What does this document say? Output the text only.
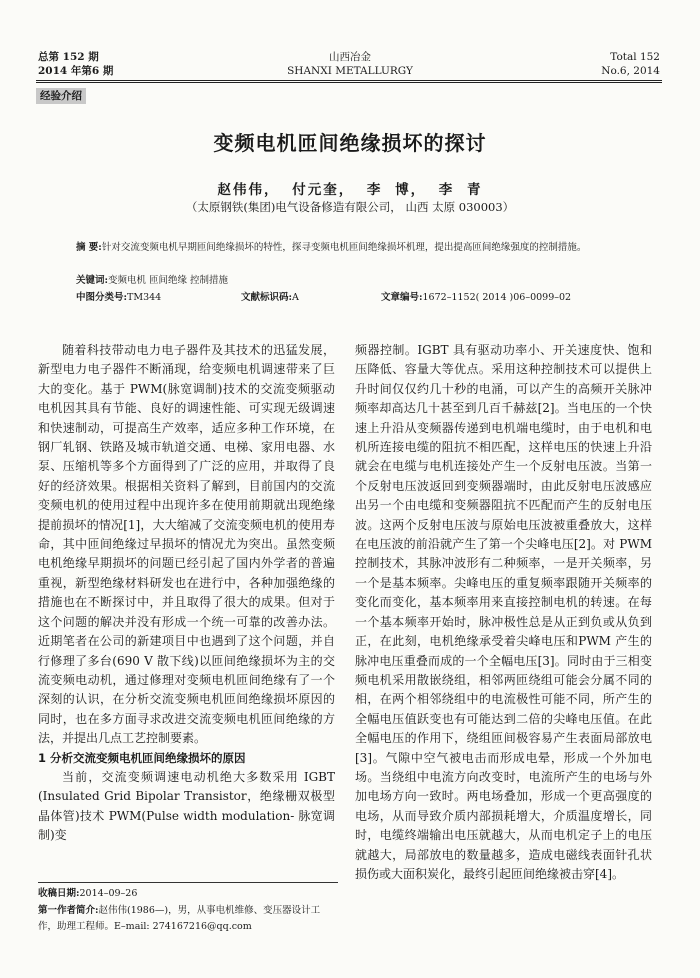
总第 152 期
2014 年第6 期
山西冶金
SHANXI METALLURGY
Total 152
No.6, 2014
经验介绍
变频电机匝间绝缘损坏的探讨
赵伟伟， 付元奎， 李 博， 李 青
（太原钢铁(集团)电气设备修造有限公司， 山西 太原 030003）
摘 要:针对交流变频电机早期匝间绝缘损坏的特性，探寻变频电机匝间绝缘损坏机理，提出提高匝间绝缘强度的控制措施。
关键词:变频电机 匝间绝缘 控制措施
中图分类号:TM344	文献标识码:A	文章编号:1672–1152( 2014 )06–0099–02

随着科技带动电力电子器件及其技术的迅猛发展，新型电力电子器件不断涌现，给变频电机调速带来了巨大的变化。基于 PWM(脉宽调制)技术的交流变频驱动电机因其具有节能、良好的调速性能、可实现无级调速和快速制动，可提高生产效率，适应多种工作环境，在钢厂轧钢、铁路及城市轨道交通、电梯、家用电器、水泵、压缩机等多个方面得到了广泛的应用，并取得了良好的经济效果。根据相关资料了解到，目前国内的交流变频电机的使用过程中出现许多在使用前期就出现绝缘提前损坏的情况[1]，大大缩减了交流变频电机的使用寿命，其中匝间绝缘过早损坏的情况尤为突出。虽然变频电机绝缘早期损坏的问题已经引起了国内外学者的普遍重视，新型绝缘材料研发也在进行中，各种加强绝缘的措施也在不断探讨中，并且取得了很大的成果。但对于这个问题的解决并没有形成一个统一可靠的改善办法。近期笔者在公司的新建项目中也遇到了这个问题，并自行修理了多台(690 V 散下线)以匝间绝缘损坏为主的交流变频电动机，通过修理对变频电机匝间绝缘有了一个深刻的认识，在分析交流变频电机匝间绝缘损坏原因的同时，也在多方面寻求改进交流变频电机匝间绝缘的方法，并提出几点工艺控制要素。

1 分析交流变频电机匝间绝缘损坏的原因

当前，交流变频调速电动机绝大多数采用 IGBT (Insulated Grid Bipolar Transistor，绝缘栅双极型晶体管)技术 PWM(Pulse width modulation- 脉宽调制)变

频器控制。IGBT 具有驱动功率小、开关速度快、饱和压降低、容量大等优点。采用这种控制技术可以提供上升时间仅仅约几十秒的电涌，可以产生的高频开关脉冲频率却高达几十甚至到几百千赫兹[2]。当电压的一个快速上升沿从变频器传递到电机端电缆时，由于电机和电机所连接电缆的阻抗不相匹配，这样电压的快速上升沿就会在电缆与电机连接处产生一个反射电压波。当第一个反射电压波返回到变频器端时，由此反射电压波感应出另一个由电缆和变频器阻抗不匹配而产生的反射电压波。这两个反射电压波与原始电压波被重叠放大，这样在电压波的前沿就产生了第一个尖峰电压[2]。对 PWM 控制技术，其脉冲波形有二种频率，一是开关频率，另一个是基本频率。尖峰电压的重复频率跟随开关频率的变化而变化，基本频率用来直接控制电机的转速。在每一个基本频率开始时，脉冲极性总是从正到负或从负到正，在此刻，电机绝缘承受着尖峰电压和PWM 产生的脉冲电压重叠而成的一个全幅电压[3]。同时由于三相变频电机采用散嵌绕组，相邻两匝绕组可能会分属不同的相，在两个相邻绕组中的电流极性可能不同，所产生的全幅电压值跃变也有可能达到二倍的尖峰电压值。在此全幅电压的作用下，绕组匝间极容易产生表面局部放电[3]。气隙中空气被电击而形成电晕，形成一个外加电场。当绕组中电流方向改变时，电流所产生的电场与外加电场方向一致时。两电场叠加，形成一个更高强度的电场，从而导致介质内部损耗增大，介质温度增长，同时，电缆终端输出电压就越大，从而电机定子上的电压就越大，局部放电的数量越多，造成电磁线表面针孔状损伤或大面积炭化，最终引起匝间绝缘被击穿[4]。

收稿日期:2014–09–26
第一作者简介:赵伟伟(1986—)，男，从事电机维修、变压器设计工作，助理工程师。E–mail: 274167216@qq.com
